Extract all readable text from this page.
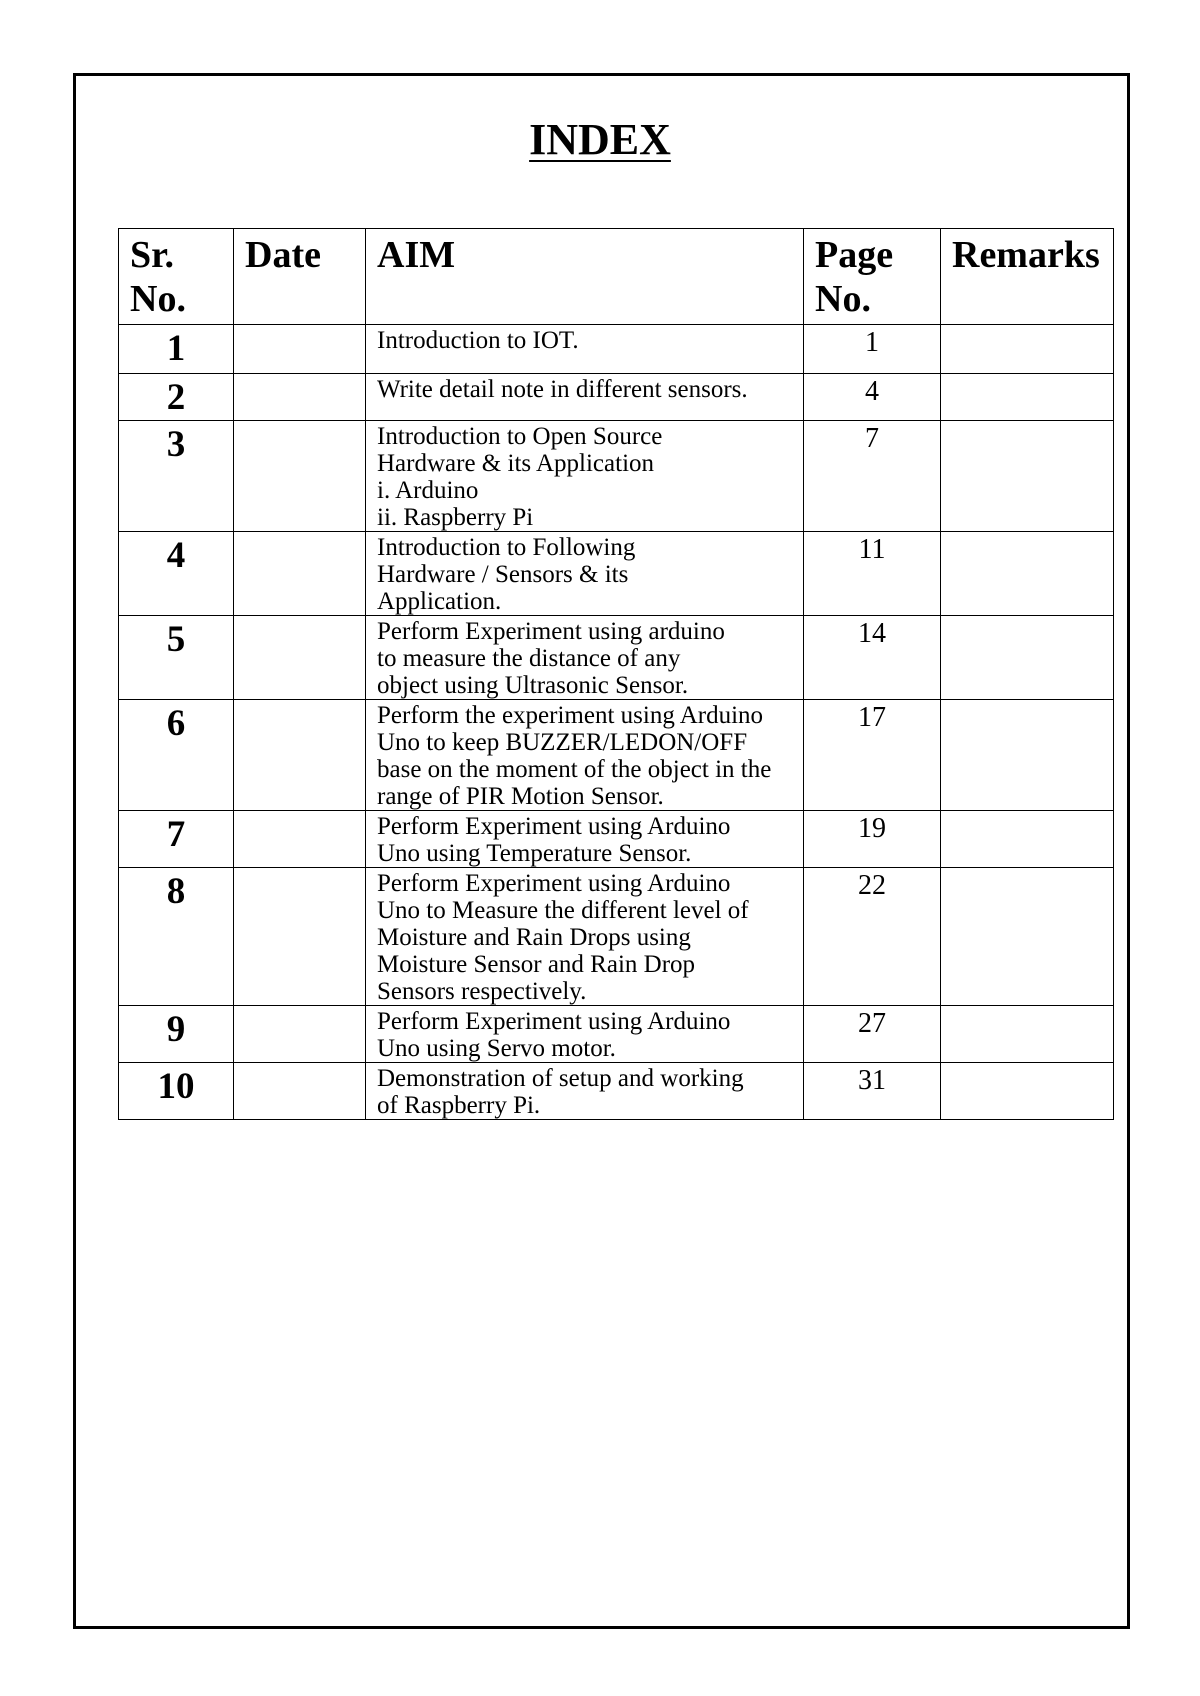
INDEX
Sr. No.	Date	AIM	Page No.	Remarks
1		Introduction to IOT.	1	
2		Write detail note in different sensors.	4	
3		Introduction to Open Source
Hardware & its Application
i. Arduino
ii. Raspberry Pi	7	
4		Introduction to Following
Hardware / Sensors & its
Application.	11	
5		Perform Experiment using arduino
to measure the distance of any
object using Ultrasonic Sensor.	14	
6		Perform the experiment using Arduino
Uno to keep BUZZER/LEDON/OFF
base on the moment of the object in the
range of PIR Motion Sensor.	17	
7		Perform Experiment using Arduino
Uno using Temperature Sensor.	19	
8		Perform Experiment using Arduino
Uno to Measure the different level of
Moisture and Rain Drops using
Moisture Sensor and Rain Drop
Sensors respectively.	22	
9		Perform Experiment using Arduino
Uno using Servo motor.	27	
10		Demonstration of setup and working
of Raspberry Pi.	31	
